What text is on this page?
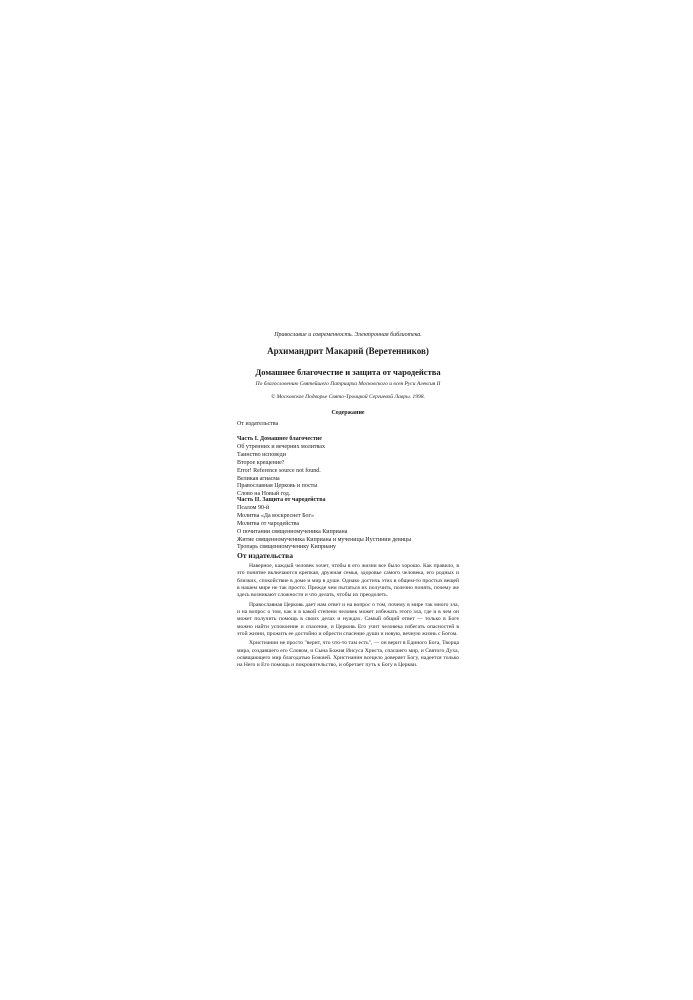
Православие и современность. Электронная библиотека.
Архимандрит Макарий (Веретенников)
Домашнее благочестие и защита от чародейства
По благословению Святейшего Патриарха Московского и всея Руси Алексия II
© Московское Подворье Свято-Троицкой Сергиевой Лавры. 1998.
Содержание
От издательства
Часть I. Домашнее благочестие
Об утренних и вечерних молитвах
Таинство исповеди
Второе крещение?
Error! Reference source not found.
Великая агиасма
Православная Церковь и посты
Слово на Новый год.
Часть II. Защита от чародейства
Псалом 90-й
Молитва «Да воскреснет Бог»
Молитва от чародейства
О почитании священномученика Киприана
Житие священномученика Киприана и мученицы Иустинии девицы
Тропарь священномученику Киприану
От издательства

Наверное, каждый человек хочет, чтобы в его жизни все было хорошо. Как правило, в это понятие включаются крепкая, дружная семья, здоровье самого человека, его родных и близких, спокойствие в доме и мир в душе. Однако достичь этих в общем-то простых вещей в нашем мире не так просто. Прежде чем пытаться их получить, полезно понять, почему же здесь возникают сложности и что делать, чтобы их преодолеть.

Православная Церковь дает нам ответ и на вопрос о том, почему в мире так много зла, и на вопрос о том, как и в какой степени человек может избежать этого зла, где и в чем он может получить помощь в своих делах и нуждах. Самый общий ответ — только в Боге можно найти успокоение и спасение, и Церковь Его учит человека избегать опасностей в этой жизни, прожить ее достойно и обрести спасение души и новую, вечную жизнь с Богом.

Христианин не просто "верит, что что-то там есть", — он верит в Единого Бога, Творца мира, создавшего его Словом, и Сына Божия Иисуса Христа, спасшего мир, и Святого Духа, освящающего мир благодатью Божией. Христианин всецело доверяет Богу, надеется только на Него и Его помощь и покровительство, и обретает путь к Богу в Церкви.
